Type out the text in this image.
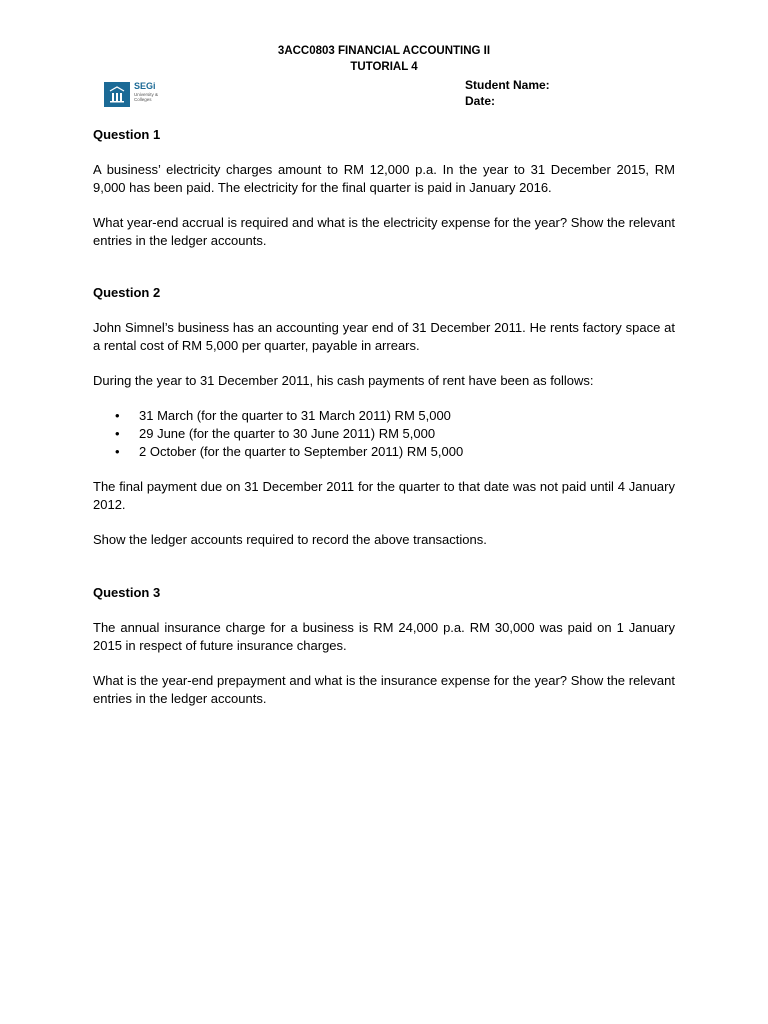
3ACC0803 FINANCIAL ACCOUNTING II
TUTORIAL 4
SEGi
University & Colleges
Student Name:
Date:

Question 1

A business’ electricity charges amount to RM 12,000 p.a. In the year to 31 December 2015, RM 9,000 has been paid. The electricity for the final quarter is paid in January 2016.

What year-end accrual is required and what is the electricity expense for the year? Show the relevant entries in the ledger accounts.

Question 2

John Simnel’s business has an accounting year end of 31 December 2011. He rents factory space at a rental cost of RM 5,000 per quarter, payable in arrears.

During the year to 31 December 2011, his cash payments of rent have been as follows:

• 31 March (for the quarter to 31 March 2011) RM 5,000
• 29 June (for the quarter to 30 June 2011) RM 5,000
• 2 October (for the quarter to September 2011) RM 5,000

The final payment due on 31 December 2011 for the quarter to that date was not paid until 4 January 2012.

Show the ledger accounts required to record the above transactions.

Question 3

The annual insurance charge for a business is RM 24,000 p.a. RM 30,000 was paid on 1 January 2015 in respect of future insurance charges.

What is the year-end prepayment and what is the insurance expense for the year? Show the relevant entries in the ledger accounts.
